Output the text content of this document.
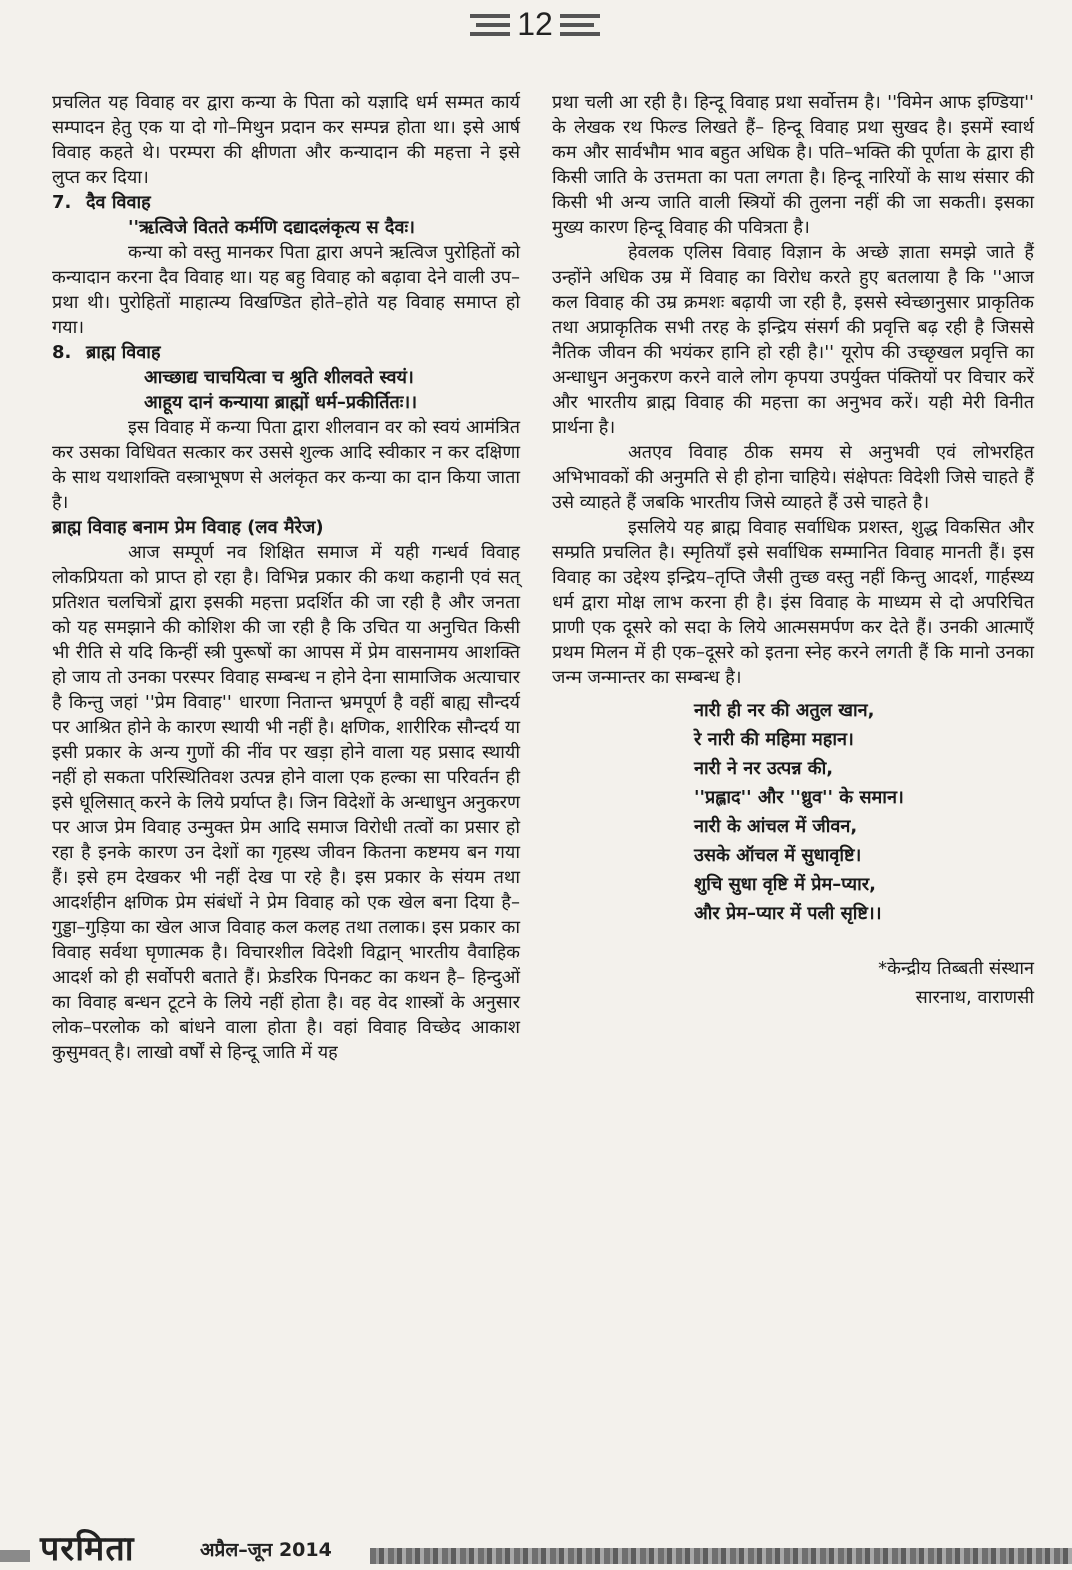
12

प्रचलित यह विवाह वर द्वारा कन्या के पिता को यज्ञादि धर्म सम्मत कार्य सम्पादन हेतु एक या दो गो–मिथुन प्रदान कर सम्पन्न होता था। इसे आर्ष विवाह कहते थे। परम्परा की क्षीणता और कन्यादान की महत्ता ने इसे लुप्त कर दिया।

7. दैव विवाह

''ऋत्विजे वितते कर्मणि दद्यादलंकृत्य स दैवः।

कन्या को वस्तु मानकर पिता द्वारा अपने ऋत्विज पुरोहितों को कन्यादान करना दैव विवाह था। यह बहु विवाह को बढ़ावा देने वाली उप–प्रथा थी। पुरोहितों माहात्म्य विखण्डित होते–होते यह विवाह समाप्त हो गया।

8. ब्राह्म विवाह

आच्छाद्य चाचयित्वा च श्रुति शीलवते स्वयं।

आहूय दानं कन्याया ब्राह्मों धर्म–प्रकीर्तितः।।

इस विवाह में कन्या पिता द्वारा शीलवान वर को स्वयं आमंत्रित कर उसका विधिवत सत्कार कर उससे शुल्क आदि स्वीकार न कर दक्षिणा के साथ यथाशक्ति वस्त्राभूषण से अलंकृत कर कन्या का दान किया जाता है।

ब्राह्म विवाह बनाम प्रेम विवाह (लव मैरेज)

आज सम्पूर्ण नव शिक्षित समाज में यही गन्धर्व विवाह लोकप्रियता को प्राप्त हो रहा है। विभिन्न प्रकार की कथा कहानी एवं सत् प्रतिशत चलचित्रों द्वारा इसकी महत्ता प्रदर्शित की जा रही है और जनता को यह समझाने की कोशिश की जा रही है कि उचित या अनुचित किसी भी रीति से यदि किन्हीं स्त्री पुरूषों का आपस में प्रेम वासनामय आशक्ति हो जाय तो उनका परस्पर विवाह सम्बन्ध न होने देना सामाजिक अत्याचार है किन्तु जहां ''प्रेम विवाह'' धारणा नितान्त भ्रमपूर्ण है वहीं बाह्य सौन्दर्य पर आश्रित होने के कारण स्थायी भी नहीं है। क्षणिक, शारीरिक सौन्दर्य या इसी प्रकार के अन्य गुणों की नींव पर खड़ा होने वाला यह प्रसाद स्थायी नहीं हो सकता परिस्थितिवश उत्पन्न होने वाला एक हल्का सा परिवर्तन ही इसे धूलिसात् करने के लिये प्रर्याप्त है। जिन विदेशों के अन्धाधुन अनुकरण पर आज प्रेम विवाह उन्मुक्त प्रेम आदि समाज विरोधी तत्वों का प्रसार हो रहा है इनके कारण उन देशों का गृहस्थ जीवन कितना कष्टमय बन गया हैं। इसे हम देखकर भी नहीं देख पा रहे है। इस प्रकार के संयम तथा आदर्शहीन क्षणिक प्रेम संबंधों ने प्रेम विवाह को एक खेल बना दिया है– गुड्डा–गुड़िया का खेल आज विवाह कल कलह तथा तलाक। इस प्रकार का विवाह सर्वथा घृणात्मक है। विचारशील विदेशी विद्वान् भारतीय वैवाहिक आदर्श को ही सर्वोपरी बताते हैं। फ्रेडरिक पिनकट का कथन है– हिन्दुओं का विवाह बन्धन टूटने के लिये नहीं होता है। वह वेद शास्त्रों के अनुसार लोक–परलोक को बांधने वाला होता है। वहां विवाह विच्छेद आकाश कुसुमवत् है। लाखो वर्षों से हिन्दू जाति में यह

प्रथा चली आ रही है। हिन्दू विवाह प्रथा सर्वोत्तम है। ''विमेन आफ इण्डिया'' के लेखक रथ फिल्ड लिखते हैं– हिन्दू विवाह प्रथा सुखद है। इसमें स्वार्थ कम और सार्वभौम भाव बहुत अधिक है। पति–भक्ति की पूर्णता के द्वारा ही किसी जाति के उत्तमता का पता लगता है। हिन्दू नारियों के साथ संसार की किसी भी अन्य जाति वाली स्त्रियों की तुलना नहीं की जा सकती। इसका मुख्य कारण हिन्दू विवाह की पवित्रता है।

हेवलक एलिस विवाह विज्ञान के अच्छे ज्ञाता समझे जाते हैं उन्होंने अधिक उम्र में विवाह का विरोध करते हुए बतलाया है कि ''आज कल विवाह की उम्र क्रमशः बढ़ायी जा रही है, इससे स्वेच्छानुसार प्राकृतिक तथा अप्राकृतिक सभी तरह के इन्द्रिय संसर्ग की प्रवृत्ति बढ़ रही है जिससे नैतिक जीवन की भयंकर हानि हो रही है।'' यूरोप की उच्छृखल प्रवृत्ति का अन्धाधुन अनुकरण करने वाले लोग कृपया उपर्युक्त पंक्तियों पर विचार करें और भारतीय ब्राह्म विवाह की महत्ता का अनुभव करें। यही मेरी विनीत प्रार्थना है।

अतएव विवाह ठीक समय से अनुभवी एवं लोभरहित अभिभावकों की अनुमति से ही होना चाहिये। संक्षेपतः विदेशी जिसे चाहते हैं उसे व्याहते हैं जबकि भारतीय जिसे व्याहते हैं उसे चाहते है।

इसलिये यह ब्राह्म विवाह सर्वाधिक प्रशस्त, शुद्ध विकसित और सम्प्रति प्रचलित है। स्मृतियाँ इसे सर्वाधिक सम्मानित विवाह मानती हैं। इस विवाह का उद्देश्य इन्द्रिय–तृप्ति जैसी तुच्छ वस्तु नहीं किन्तु आदर्श, गार्हस्थ्य धर्म द्वारा मोक्ष लाभ करना ही है। इंस विवाह के माध्यम से दो अपरिचित प्राणी एक दूसरे को सदा के लिये आत्मसमर्पण कर देते हैं। उनकी आत्माएँ प्रथम मिलन में ही एक–दूसरे को इतना स्नेह करने लगती हैं कि मानो उनका जन्म जन्मान्तर का सम्बन्ध है।

नारी ही नर की अतुल खान,
रे नारी की महिमा महान।
नारी ने नर उत्पन्न की,
''प्रह्लाद'' और ''ध्रुव'' के समान।
नारी के आंचल में जीवन,
उसके ऑचल में सुधावृष्टि।
शुचि सुधा वृष्टि में प्रेम–प्यार,
और प्रेम–प्यार में पली सृष्टि।।
*केन्द्रीय तिब्बती संस्थान
सारनाथ, वाराणसी
परमिता	अप्रैल–जून 2014
